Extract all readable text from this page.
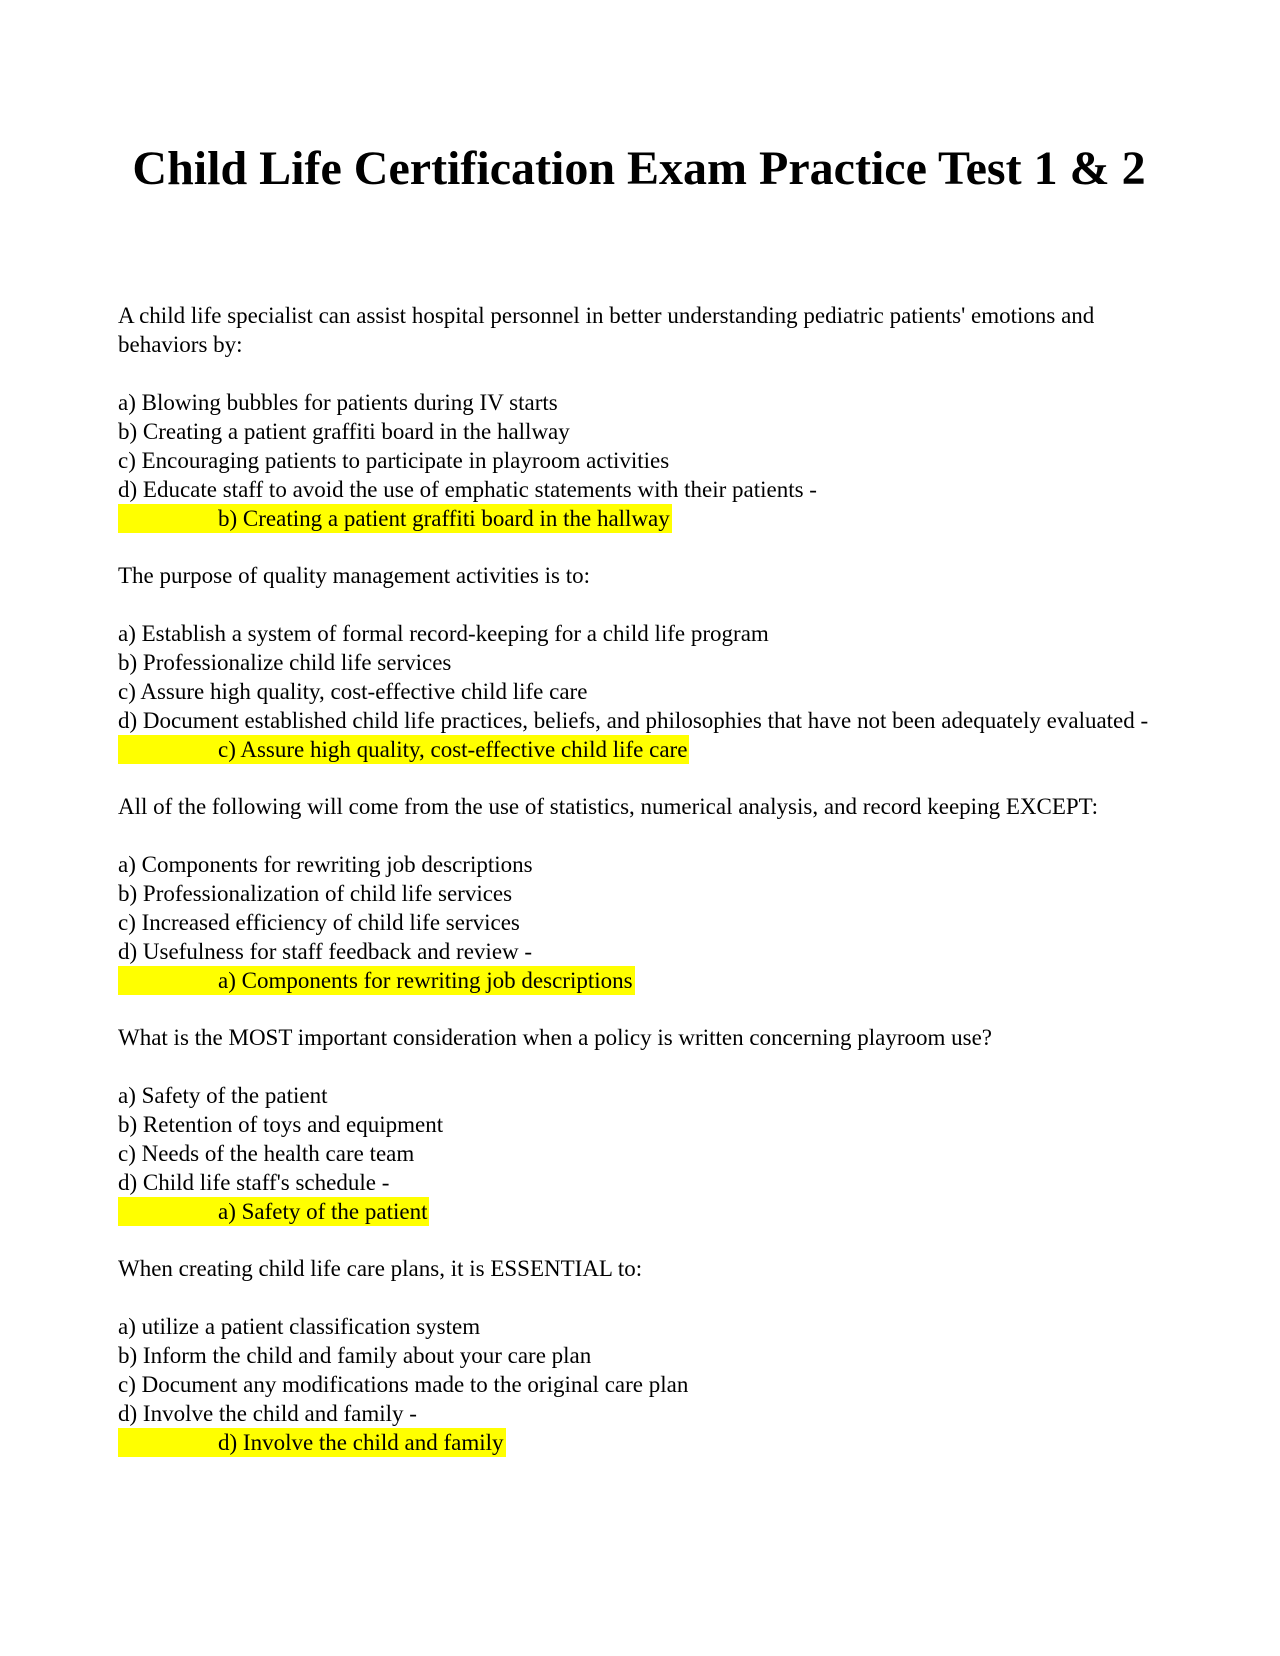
Child Life Certification Exam Practice Test 1 & 2

A child life specialist can assist hospital personnel in better understanding pediatric patients' emotions and behaviors by:

a) Blowing bubbles for patients during IV starts
b) Creating a patient graffiti board in the hallway
c) Encouraging patients to participate in playroom activities
d) Educate staff to avoid the use of emphatic statements with their patients -
b) Creating a patient graffiti board in the hallway

The purpose of quality management activities is to:

a) Establish a system of formal record-keeping for a child life program
b) Professionalize child life services
c) Assure high quality, cost-effective child life care
d) Document established child life practices, beliefs, and philosophies that have not been adequately evaluated -
c) Assure high quality, cost-effective child life care

All of the following will come from the use of statistics, numerical analysis, and record keeping EXCEPT:

a) Components for rewriting job descriptions
b) Professionalization of child life services
c) Increased efficiency of child life services
d) Usefulness for staff feedback and review -
a) Components for rewriting job descriptions

What is the MOST important consideration when a policy is written concerning playroom use?

a) Safety of the patient
b) Retention of toys and equipment
c) Needs of the health care team
d) Child life staff's schedule -
a) Safety of the patient

When creating child life care plans, it is ESSENTIAL to:

a) utilize a patient classification system
b) Inform the child and family about your care plan
c) Document any modifications made to the original care plan
d) Involve the child and family -
d) Involve the child and family
